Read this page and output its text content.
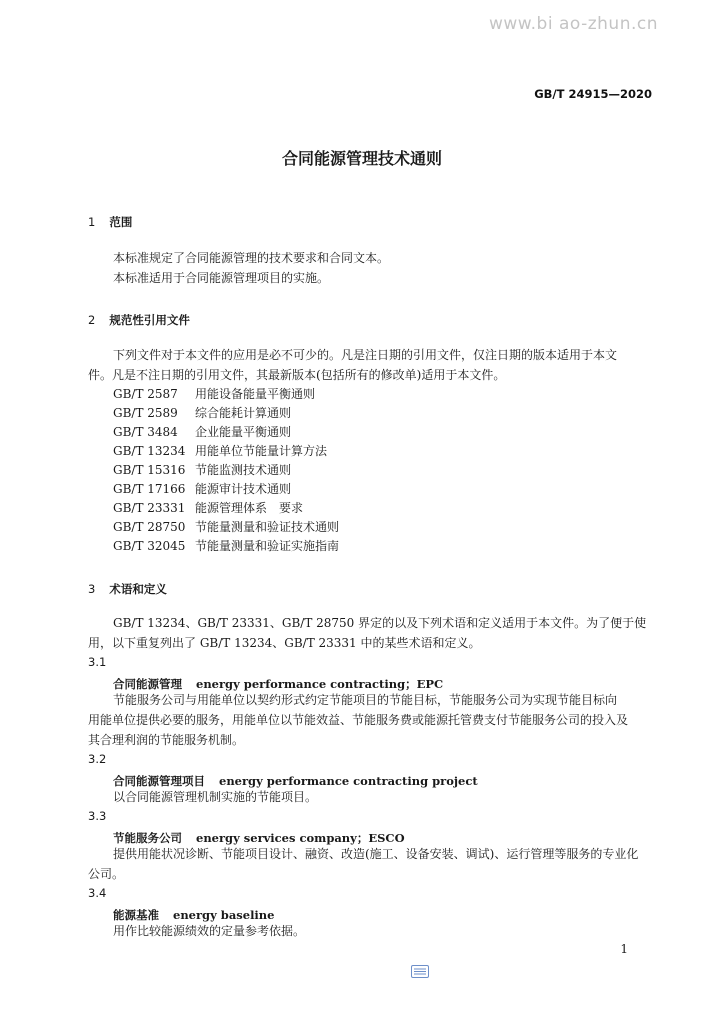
www.bi ao-zhun.cn
GB/T 24915—2020
合同能源管理技术通则
1 范围
本标准规定了合同能源管理的技术要求和合同文本。
本标准适用于合同能源管理项目的实施。
2 规范性引用文件
下列文件对于本文件的应用是必不可少的。凡是注日期的引用文件，仅注日期的版本适用于本文
件。凡是不注日期的引用文件，其最新版本(包括所有的修改单)适用于本文件。
GB/T 2587 用能设备能量平衡通则
GB/T 2589 综合能耗计算通则
GB/T 3484 企业能量平衡通则
GB/T 13234 用能单位节能量计算方法
GB/T 15316 节能监测技术通则
GB/T 17166 能源审计技术通则
GB/T 23331 能源管理体系　要求
GB/T 28750 节能量测量和验证技术通则
GB/T 32045 节能量测量和验证实施指南
3 术语和定义
GB/T 13234、GB/T 23331、GB/T 28750 界定的以及下列术语和定义适用于本文件。为了便于使
用，以下重复列出了 GB/T 13234、GB/T 23331 中的某些术语和定义。
3.1
合同能源管理 energy performance contracting；EPC
节能服务公司与用能单位以契约形式约定节能项目的节能目标，节能服务公司为实现节能目标向
用能单位提供必要的服务，用能单位以节能效益、节能服务费或能源托管费支付节能服务公司的投入及
其合理利润的节能服务机制。
3.2
合同能源管理项目 energy performance contracting project
以合同能源管理机制实施的节能项目。
3.3
节能服务公司 energy services company；ESCO
提供用能状况诊断、节能项目设计、融资、改造(施工、设备安装、调试)、运行管理等服务的专业化
公司。
3.4
能源基准 energy baseline
用作比较能源绩效的定量参考依据。
1
